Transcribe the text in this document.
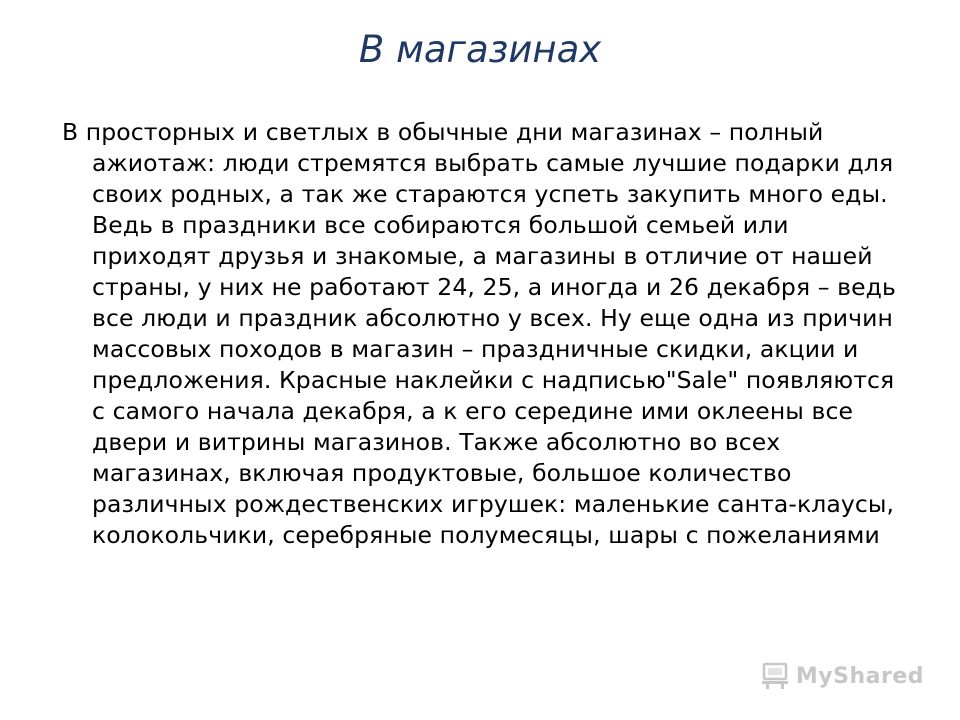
В магазинах
В просторных и светлых в обычные дни магазинах – полный ажиотаж: люди стремятся выбрать самые лучшие подарки для своих родных, а так же стараются успеть закупить много еды. Ведь в праздники все собираются большой семьей или приходят друзья и знакомые, а магазины в отличие от нашей страны, у них не работают 24, 25, а иногда и 26 декабря – ведь все люди и праздник абсолютно у всех. Ну еще одна из причин массовых походов в магазин – праздничные скидки, акции и предложения. Красные наклейки с надписью"Sale" появляются с самого начала декабря, а к его середине ими оклеены все двери и витрины магазинов. Также абсолютно во всех магазинах, включая продуктовые, большое количество различных рождественских игрушек: маленькие санта-клаусы, колокольчики, серебряные полумесяцы, шары с пожеланиями
MyShared
